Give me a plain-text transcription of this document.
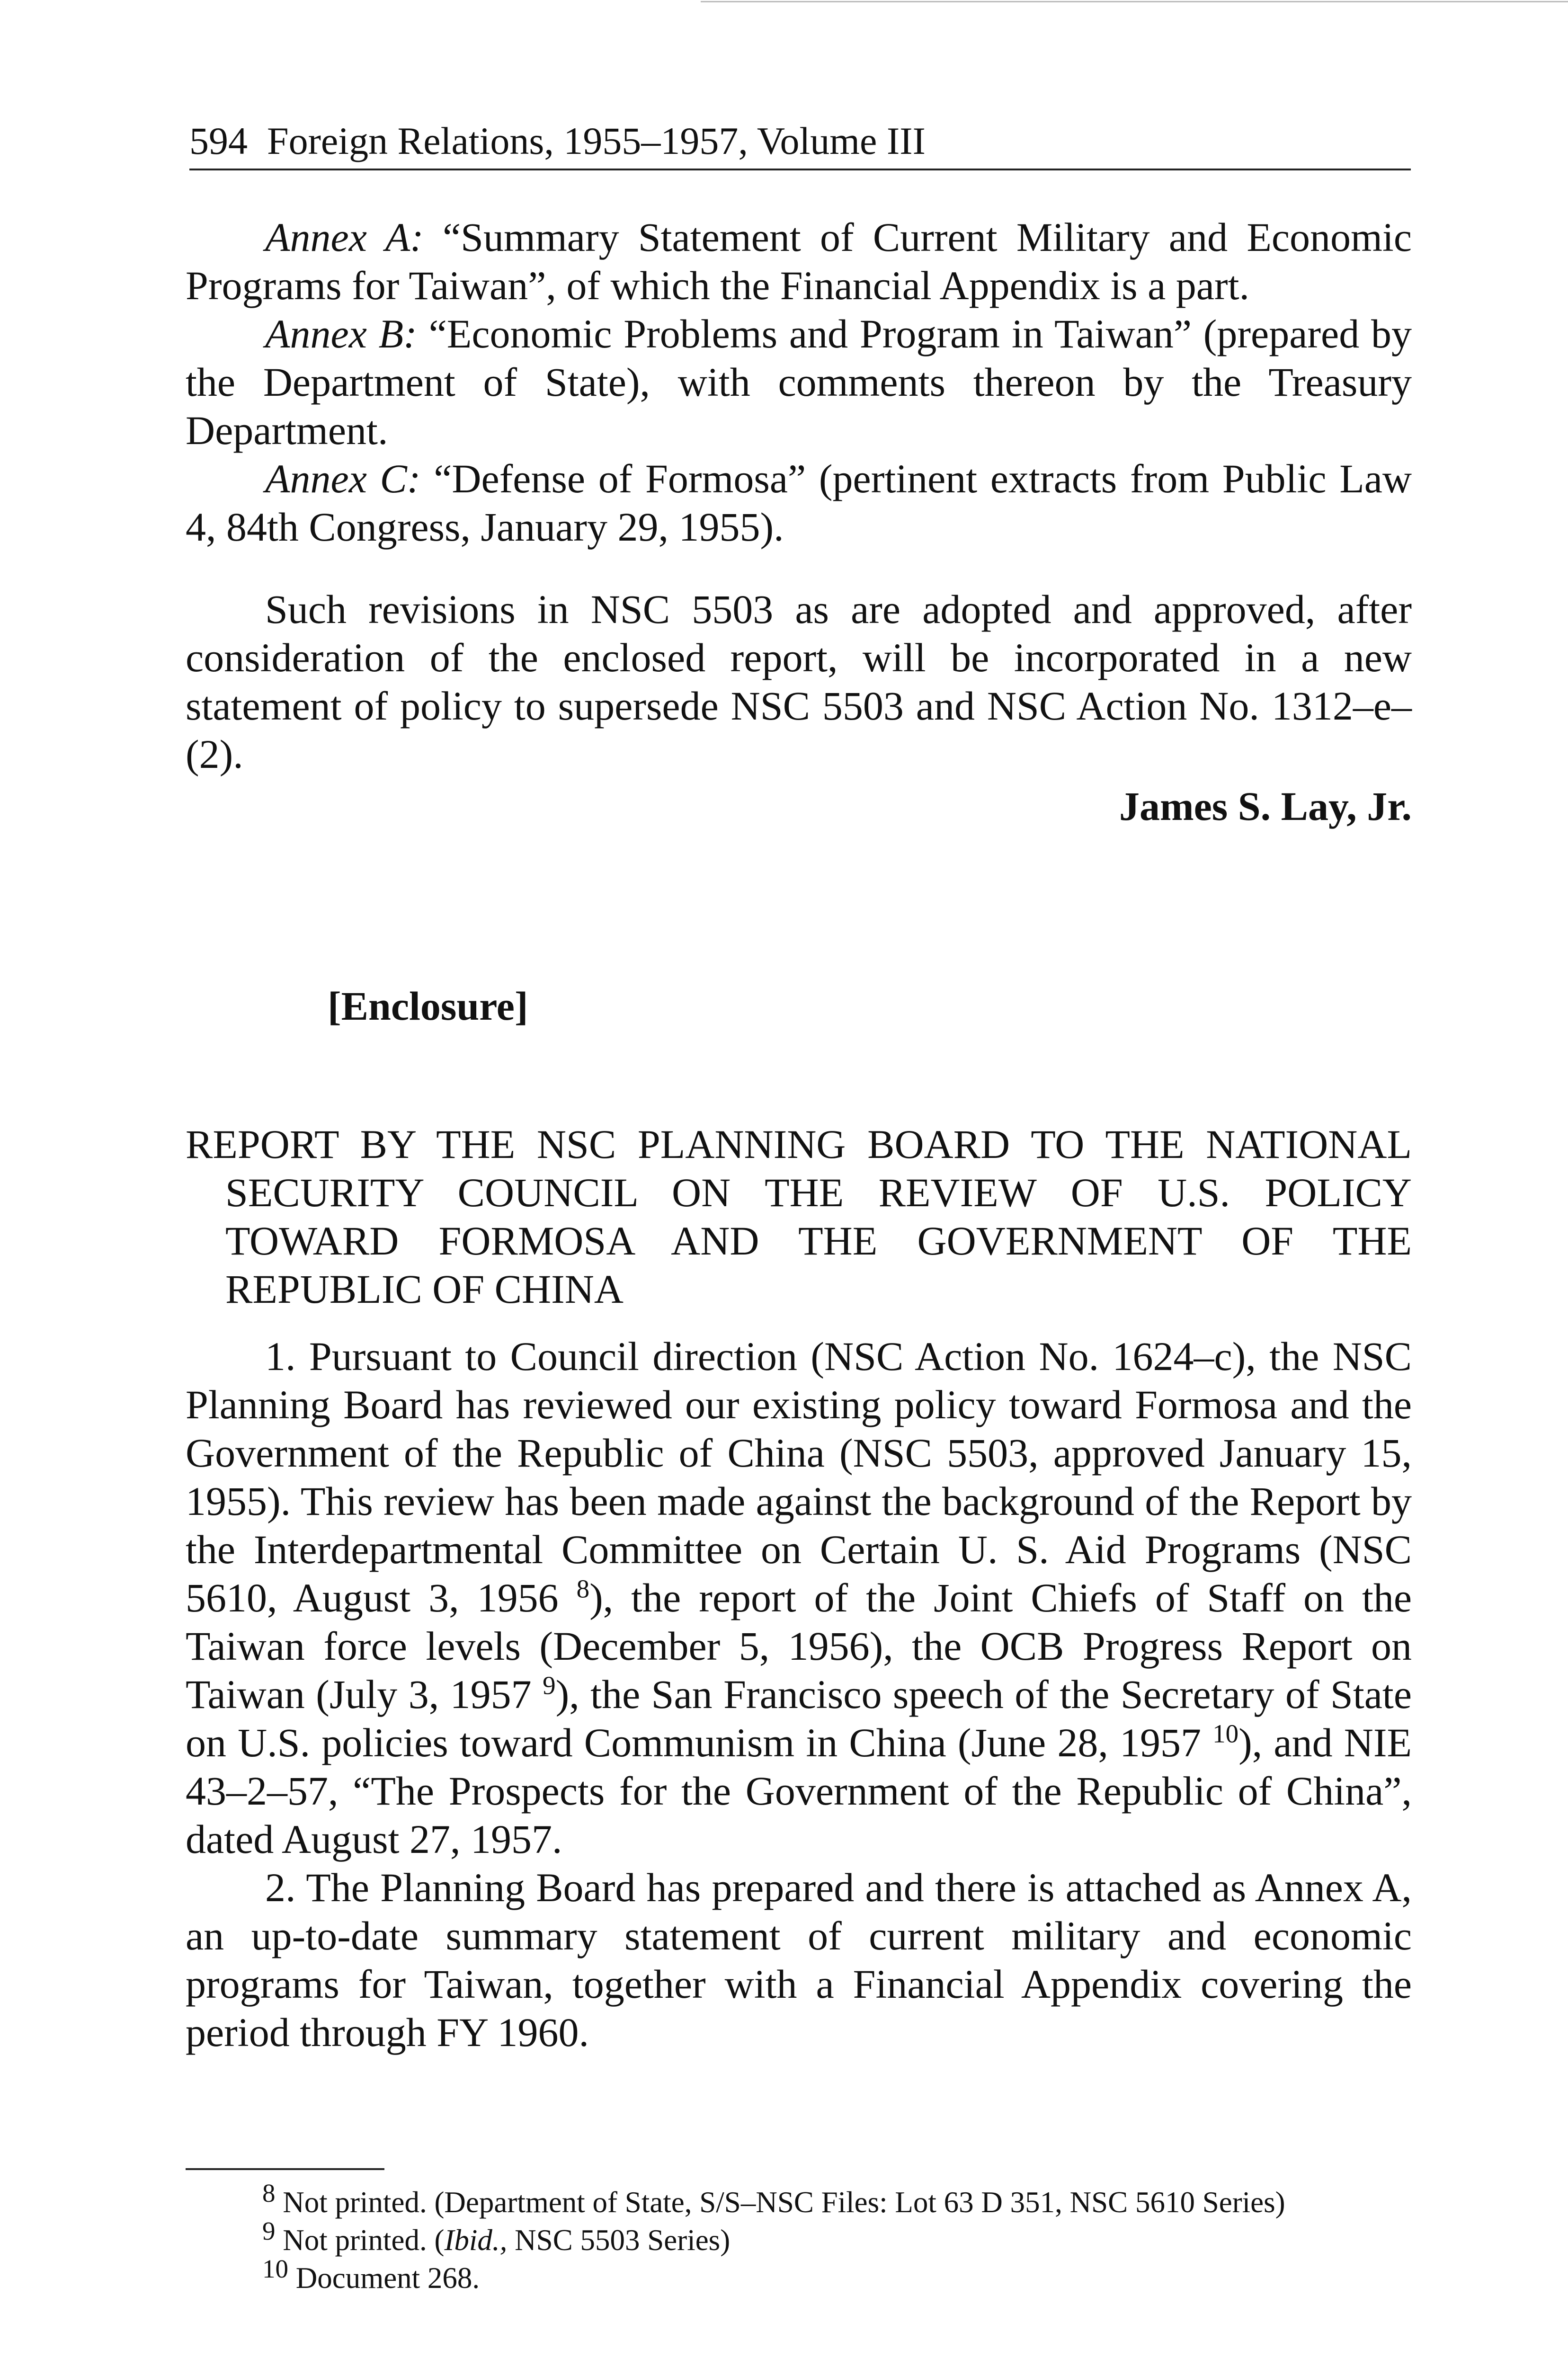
594 Foreign Relations, 1955–1957, Volume III

Annex A: “Summary Statement of Current Military and Economic Programs for Taiwan”, of which the Financial Appendix is a part.

Annex B: “Economic Problems and Program in Taiwan” (prepared by the Department of State), with comments thereon by the Treasury Department.

Annex C: “Defense of Formosa” (pertinent extracts from Public Law 4, 84th Congress, January 29, 1955).

Such revisions in NSC 5503 as are adopted and approved, after consideration of the enclosed report, will be incorporated in a new statement of policy to supersede NSC 5503 and NSC Action No. 1312–e–(2).

James S. Lay, Jr.
[Enclosure]

REPORT BY THE NSC PLANNING BOARD TO THE NATIONAL SECURITY COUNCIL ON THE REVIEW OF U.S. POLICY TOWARD FORMOSA AND THE GOVERNMENT OF THE REPUBLIC OF CHINA

1. Pursuant to Council direction (NSC Action No. 1624–c), the NSC Planning Board has reviewed our existing policy toward Formosa and the Government of the Republic of China (NSC 5503, approved January 15, 1955). This review has been made against the background of the Report by the Interdepartmental Committee on Certain U. S. Aid Programs (NSC 5610, August 3, 1956 $^8$), the report of the Joint Chiefs of Staff on the Taiwan force levels (December 5, 1956), the OCB Progress Report on Taiwan (July 3, 1957 $^9$), the San Francisco speech of the Secretary of State on U.S. policies toward Communism in China (June 28, 1957 $^{10}$), and NIE 43–2–57, “The Prospects for the Government of the Republic of China”, dated August 27, 1957.

2. The Planning Board has prepared and there is attached as Annex A, an up-to-date summary statement of current military and economic programs for Taiwan, together with a Financial Appendix covering the period through FY 1960.

8 Not printed. (Department of State, S/S–NSC Files: Lot 63 D 351, NSC 5610 Series)

9 Not printed. (Ibid., NSC 5503 Series)

10 Document 268.
